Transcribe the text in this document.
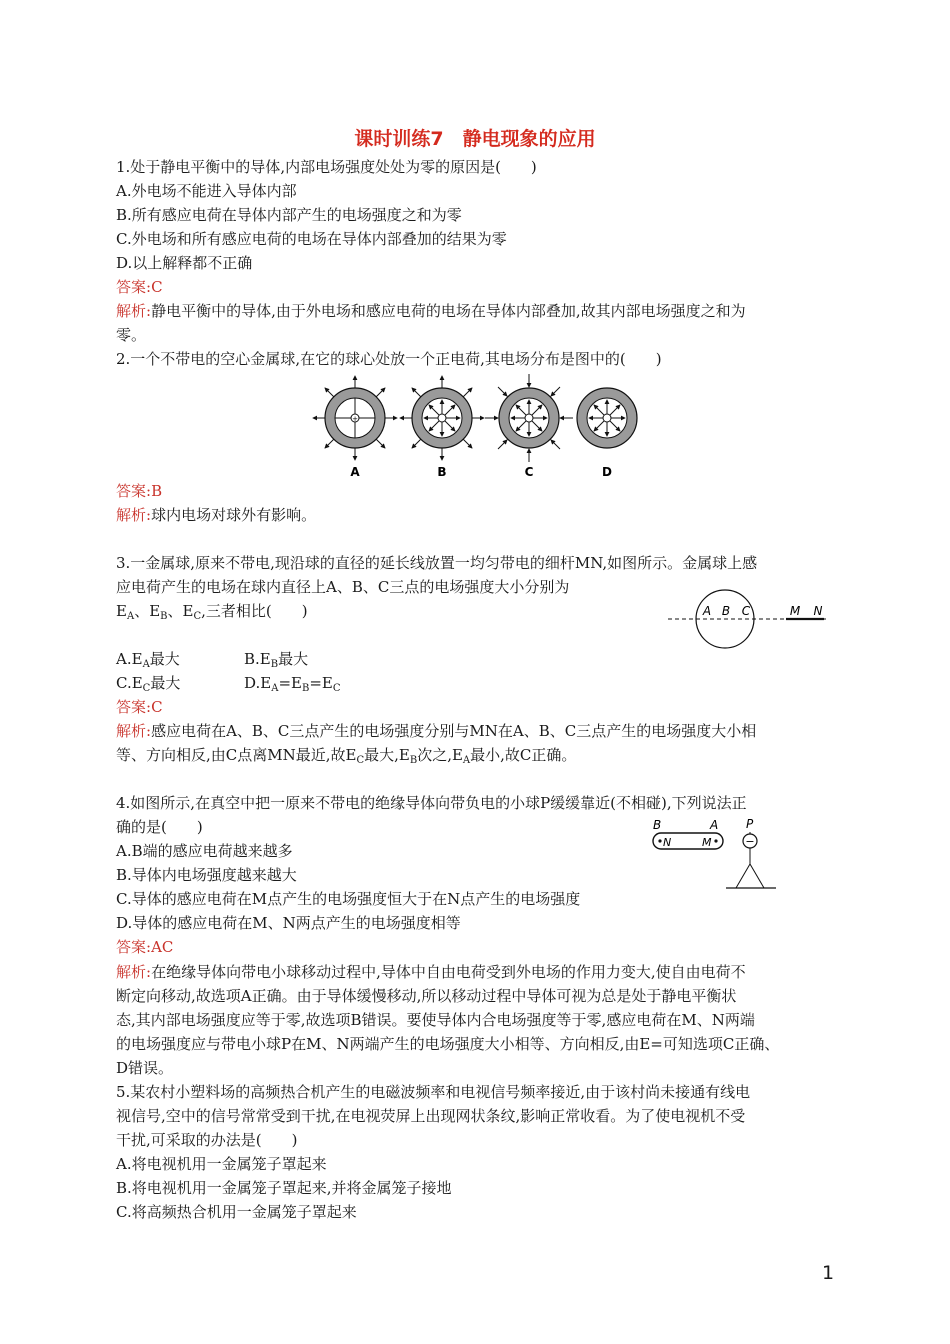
课时训练7　静电现象的应用
1.处于静电平衡中的导体,内部电场强度处处为零的原因是(　　)
A.外电场不能进入导体内部
B.所有感应电荷在导体内部产生的电场强度之和为零
C.外电场和所有感应电荷的电场在导体内部叠加的结果为零
D.以上解释都不正确
答案:C
解析:静电平衡中的导体,由于外电场和感应电荷的电场在导体内部叠加,故其内部电场强度之和为
零。
2.一个不带电的空心金属球,在它的球心处放一个正电荷,其电场分布是图中的(　　)
+
A	B	C	D
答案:B
解析:球内电场对球外有影响。
3.一金属球,原来不带电,现沿球的直径的延长线放置一均匀带电的细杆MN,如图所示。金属球上感
应电荷产生的电场在球内直径上A、B、C三点的电场强度大小分别为
$E_A$、$E_B$、$E_C$,三者相比(　　)	A B C	M N
$A.E_A$最大	$B.E_B$最大
$C.E_C$最大	$D.E_A=E_B=E_C$
答案:C
解析:感应电荷在A、B、C三点产生的电场强度分别与MN在A、B、C三点产生的电场强度大小相
等、方向相反,由C点离MN最近,故$E_C$最大$,E_B$次之$,E_A$最小,故C正确。
4.如图所示,在真空中把一原来不带电的绝缘导体向带负电的小球P缓缓靠近(不相碰),下列说法正
确的是(　　)
−
B	A P
N	M
A.B端的感应电荷越来越多
B.导体内电场强度越来越大
C.导体的感应电荷在M点产生的电场强度恒大于在N点产生的电场强度
D.导体的感应电荷在M、N两点产生的电场强度相等
答案:AC
解析:在绝缘导体向带电小球移动过程中,导体中自由电荷受到外电场的作用力变大,使自由电荷不
断定向移动,故选项A正确。由于导体缓慢移动,所以移动过程中导体可视为总是处于静电平衡状
态,其内部电场强度应等于零,故选项B错误。要使导体内合电场强度等于零,感应电荷在M、N两端
的电场强度应与带电小球P在M、N两端产生的电场强度大小相等、方向相反,由E=可知选项C正确、
D错误。
5.某农村小塑料场的高频热合机产生的电磁波频率和电视信号频率接近,由于该村尚未接通有线电
视信号,空中的信号常常受到干扰,在电视荧屏上出现网状条纹,影响正常收看。为了使电视机不受
干扰,可采取的办法是(　　)
A.将电视机用一金属笼子罩起来
B.将电视机用一金属笼子罩起来,并将金属笼子接地
C.将高频热合机用一金属笼子罩起来
1
